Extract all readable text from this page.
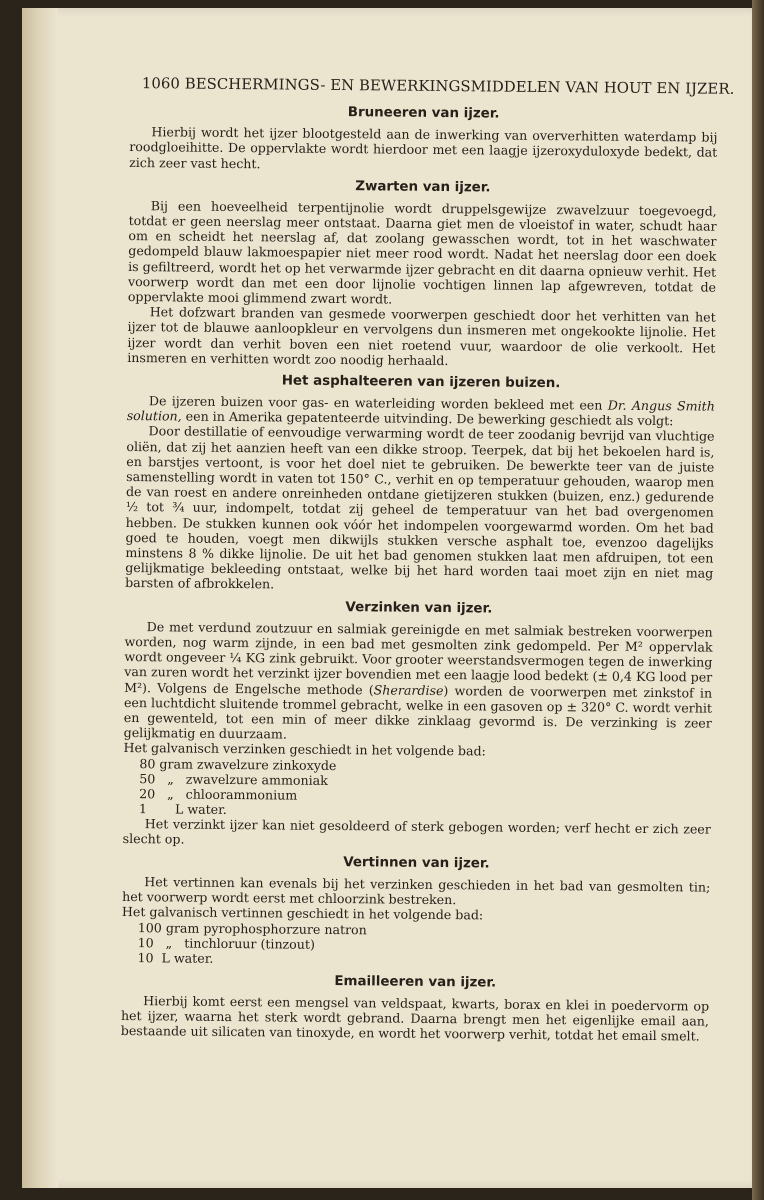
1060 BESCHERMINGS- EN BEWERKINGSMIDDELEN VAN HOUT EN IJZER.
Bruneeren van ijzer.

Hierbij wordt het ijzer blootgesteld aan de inwerking van oververhitten waterdamp bij roodgloeihitte. De oppervlakte wordt hierdoor met een laagje ijzeroxyduloxyde bedekt, dat zich zeer vast hecht.

Zwarten van ijzer.

Bij een hoeveelheid terpentijnolie wordt druppelsgewijze zwavelzuur toegevoegd, totdat er geen neerslag meer ontstaat. Daarna giet men de vloeistof in water, schudt haar om en scheidt het neerslag af, dat zoolang gewasschen wordt, tot in het waschwater gedompeld blauw lakmoespapier niet meer rood wordt. Nadat het neerslag door een doek is gefiltreerd, wordt het op het verwarmde ijzer gebracht en dit daarna opnieuw verhit. Het voorwerp wordt dan met een door lijnolie vochtigen linnen lap afgewreven, totdat de oppervlakte mooi glimmend zwart wordt.

Het dofzwart branden van gesmede voorwerpen geschiedt door het verhitten van het ijzer tot de blauwe aanloopkleur en vervolgens dun insmeren met ongekookte lijnolie. Het ijzer wordt dan verhit boven een niet roetend vuur, waardoor de olie verkoolt. Het insmeren en verhitten wordt zoo noodig herhaald.

Het asphalteeren van ijzeren buizen.

De ijzeren buizen voor gas- en waterleiding worden bekleed met een Dr. Angus Smith solution, een in Amerika gepatenteerde uitvinding. De bewerking geschiedt als volgt:

Door destillatie of eenvoudige verwarming wordt de teer zoodanig bevrijd van vluchtige oliën, dat zij het aanzien heeft van een dikke stroop. Teerpek, dat bij het bekoelen hard is, en barstjes vertoont, is voor het doel niet te gebruiken. De bewerkte teer van de juiste samenstelling wordt in vaten tot 150° C., verhit en op temperatuur gehouden, waarop men de van roest en andere onreinheden ontdane gietijzeren stukken (buizen, enz.) gedurende ½ tot ¾ uur, indompelt, totdat zij geheel de temperatuur van het bad overgenomen hebben. De stukken kunnen ook vóór het indompelen voorgewarmd worden. Om het bad goed te houden, voegt men dikwijls stukken versche asphalt toe, evenzoo dagelijks minstens 8 % dikke lijnolie. De uit het bad genomen stukken laat men afdruipen, tot een gelijkmatige bekleeding ontstaat, welke bij het hard worden taai moet zijn en niet mag barsten of afbrokkelen.

Verzinken van ijzer.

De met verdund zoutzuur en salmiak gereinigde en met salmiak bestreken voorwerpen worden, nog warm zijnde, in een bad met gesmolten zink gedompeld. Per M² oppervlak wordt ongeveer ¼ KG zink gebruikt. Voor grooter weerstandsvermogen tegen de inwerking van zuren wordt het verzinkt ijzer bovendien met een laagje lood bedekt (± 0,4 KG lood per M²). Volgens de Engelsche methode (Sherardise) worden de voorwerpen met zinkstof in een luchtdicht sluitende trommel gebracht, welke in een gasoven op ± 320° C. wordt verhit en gewenteld, tot een min of meer dikke zinklaag gevormd is. De verzinking is zeer gelijkmatig en duurzaam.

Het galvanisch verzinken geschiedt in het volgende bad:
80 gram zwavelzure zinkoxyde
50   „   zwavelzure ammoniak
20   „   chloorammonium
1       L water.

Het verzinkt ijzer kan niet gesoldeerd of sterk gebogen worden; verf hecht er zich zeer slecht op.

Vertinnen van ijzer.

Het vertinnen kan evenals bij het verzinken geschieden in het bad van gesmolten tin; het voorwerp wordt eerst met chloorzink bestreken.

Het galvanisch vertinnen geschiedt in het volgende bad:
100 gram pyrophosphorzure natron
10   „   tinchloruur (tinzout)
10  L water.
Emailleeren van ijzer.

Hierbij komt eerst een mengsel van veldspaat, kwarts, borax en klei in poedervorm op het ijzer, waarna het sterk wordt gebrand. Daarna brengt men het eigenlijke email aan, bestaande uit silicaten van tinoxyde, en wordt het voorwerp verhit, totdat het email smelt.
